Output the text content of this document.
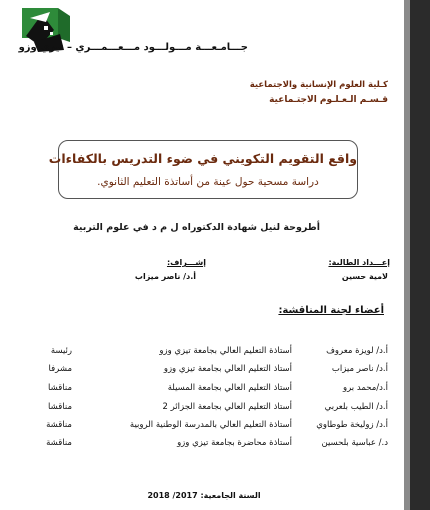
جـــامـعـــة مـــولـــود مـــعـــمـــري – تيزي وزو
كـلية العلوم الإنسانية والاجتماعية
قـسـم الـعـلـوم الاجتـماعية
واقع التقويم التكويني في ضوء التدريس بالكفاءات
دراسة مسحية حول عينة من أساتذة التعليم الثانوي.
أطروحة لنيل شهادة الدكتوراه ل م د في علوم التربية
إعـــداد الطالبة:
إشـــراف:
لامية حسين
أ.د/ ناصر ميزاب
أعضاء لجنة المناقشة:
أ.د/ لويزة معروف
أستاذة التعليم العالي بجامعة تيزي وزو
رئيسة
أ.د/ ناصر ميزاب
أستاذ التعليم العالي بجامعة تيزي وزو
مشرفا
أ.د/محمد برو
أستاذ التعليم العالي بجامعة المسيلة
مناقشا
أ.د/ الطيب بلعربي
أستاذ التعليم العالي بجامعة الجزائر 2
مناقشا
أ.د/ زوليخة طوطاوي
أستاذة التعليم العالي بالمدرسة الوطنية الروبية
مناقشة
د./ عباسية بلحسين
أستاذة محاضرة بجامعة تيزي وزو
مناقشة
السنة الجامعية: 2017/ 2018
